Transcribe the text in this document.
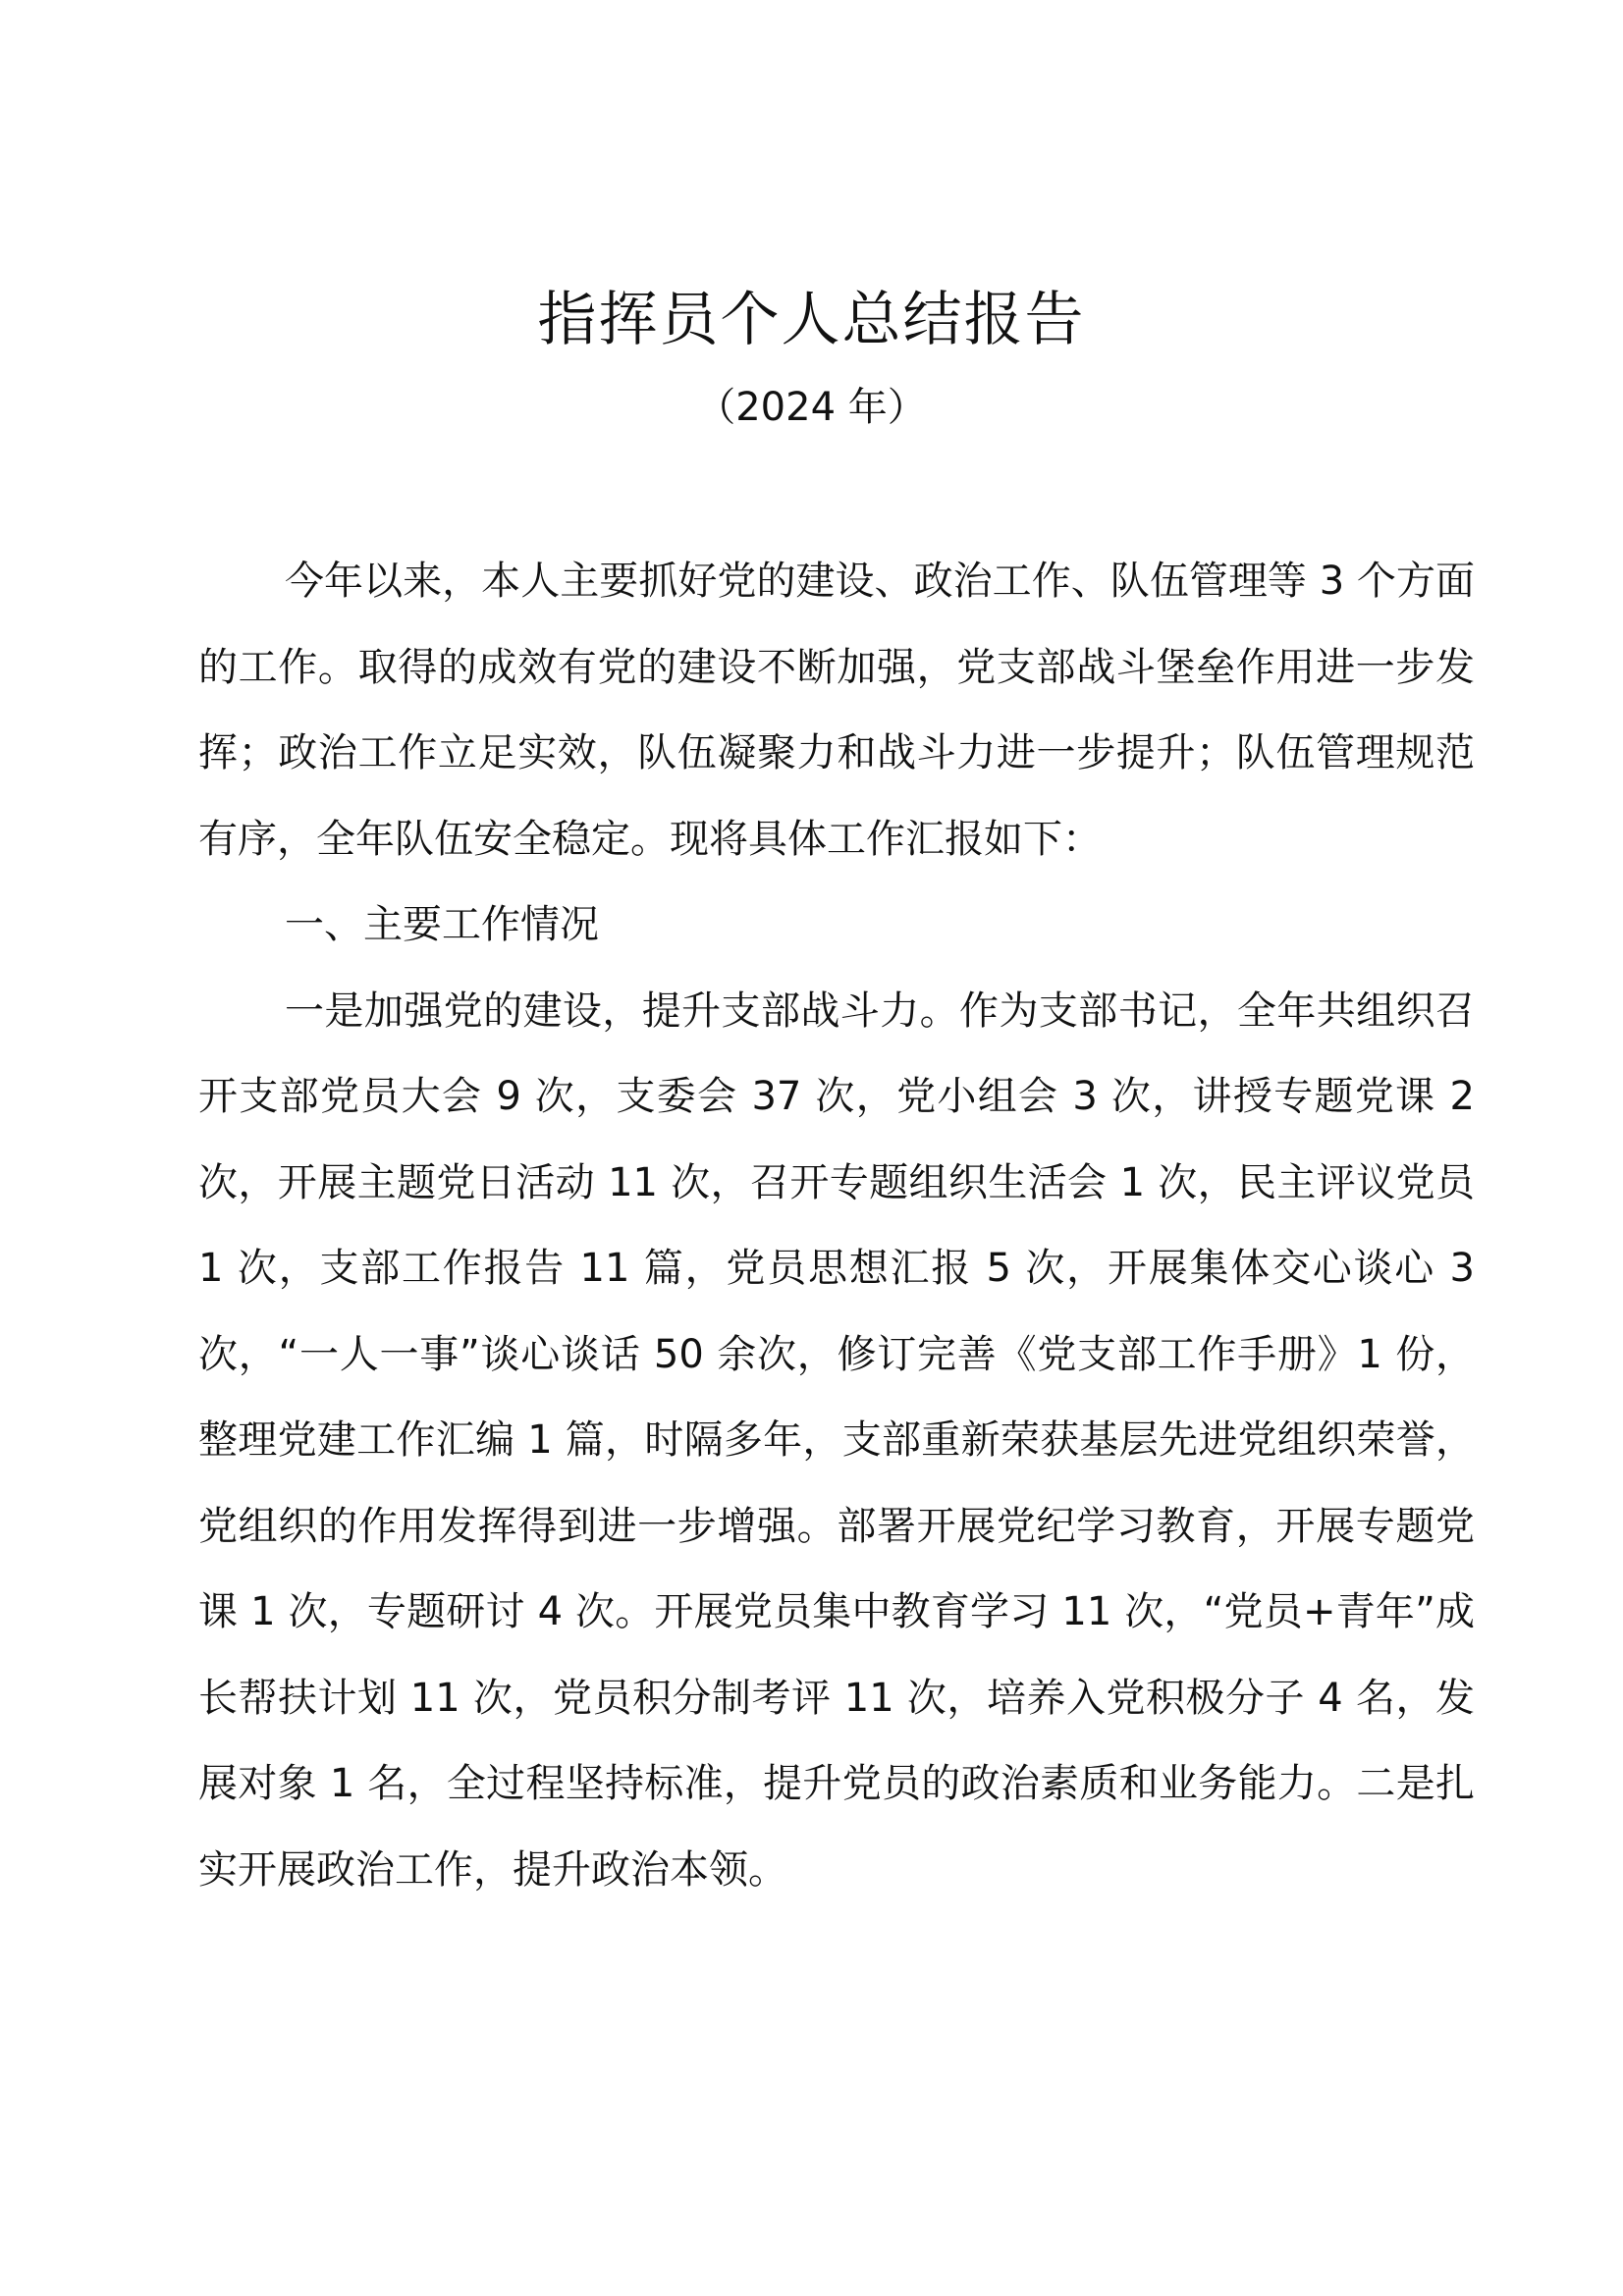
指挥员个人总结报告
（2024 年）

今年以来，本人主要抓好党的建设、政治工作、队伍管理等 3 个方面的工作。取得的成效有党的建设不断加强，党支部战斗堡垒作用进一步发挥；政治工作立足实效，队伍凝聚力和战斗力进一步提升；队伍管理规范有序，全年队伍安全稳定。现将具体工作汇报如下：

一、主要工作情况

一是加强党的建设，提升支部战斗力。作为支部书记，全年共组织召开支部党员大会 9 次，支委会 37 次，党小组会 3 次，讲授专题党课 2 次，开展主题党日活动 11 次，召开专题组织生活会 1 次，民主评议党员 1 次，支部工作报告 11 篇，党员思想汇报 5 次，开展集体交心谈心 3 次，“一人一事”谈心谈话 50 余次，修订完善《党支部工作手册》1 份，整理党建工作汇编 1 篇，时隔多年，支部重新荣获基层先进党组织荣誉，党组织的作用发挥得到进一步增强。部署开展党纪学习教育，开展专题党课 1 次，专题研讨 4 次。开展党员集中教育学习 11 次，“党员+青年”成长帮扶计划 11 次，党员积分制考评 11 次，培养入党积极分子 4 名，发展对象 1 名，全过程坚持标准，提升党员的政治素质和业务能力。二是扎实开展政治工作，提升政治本领。
